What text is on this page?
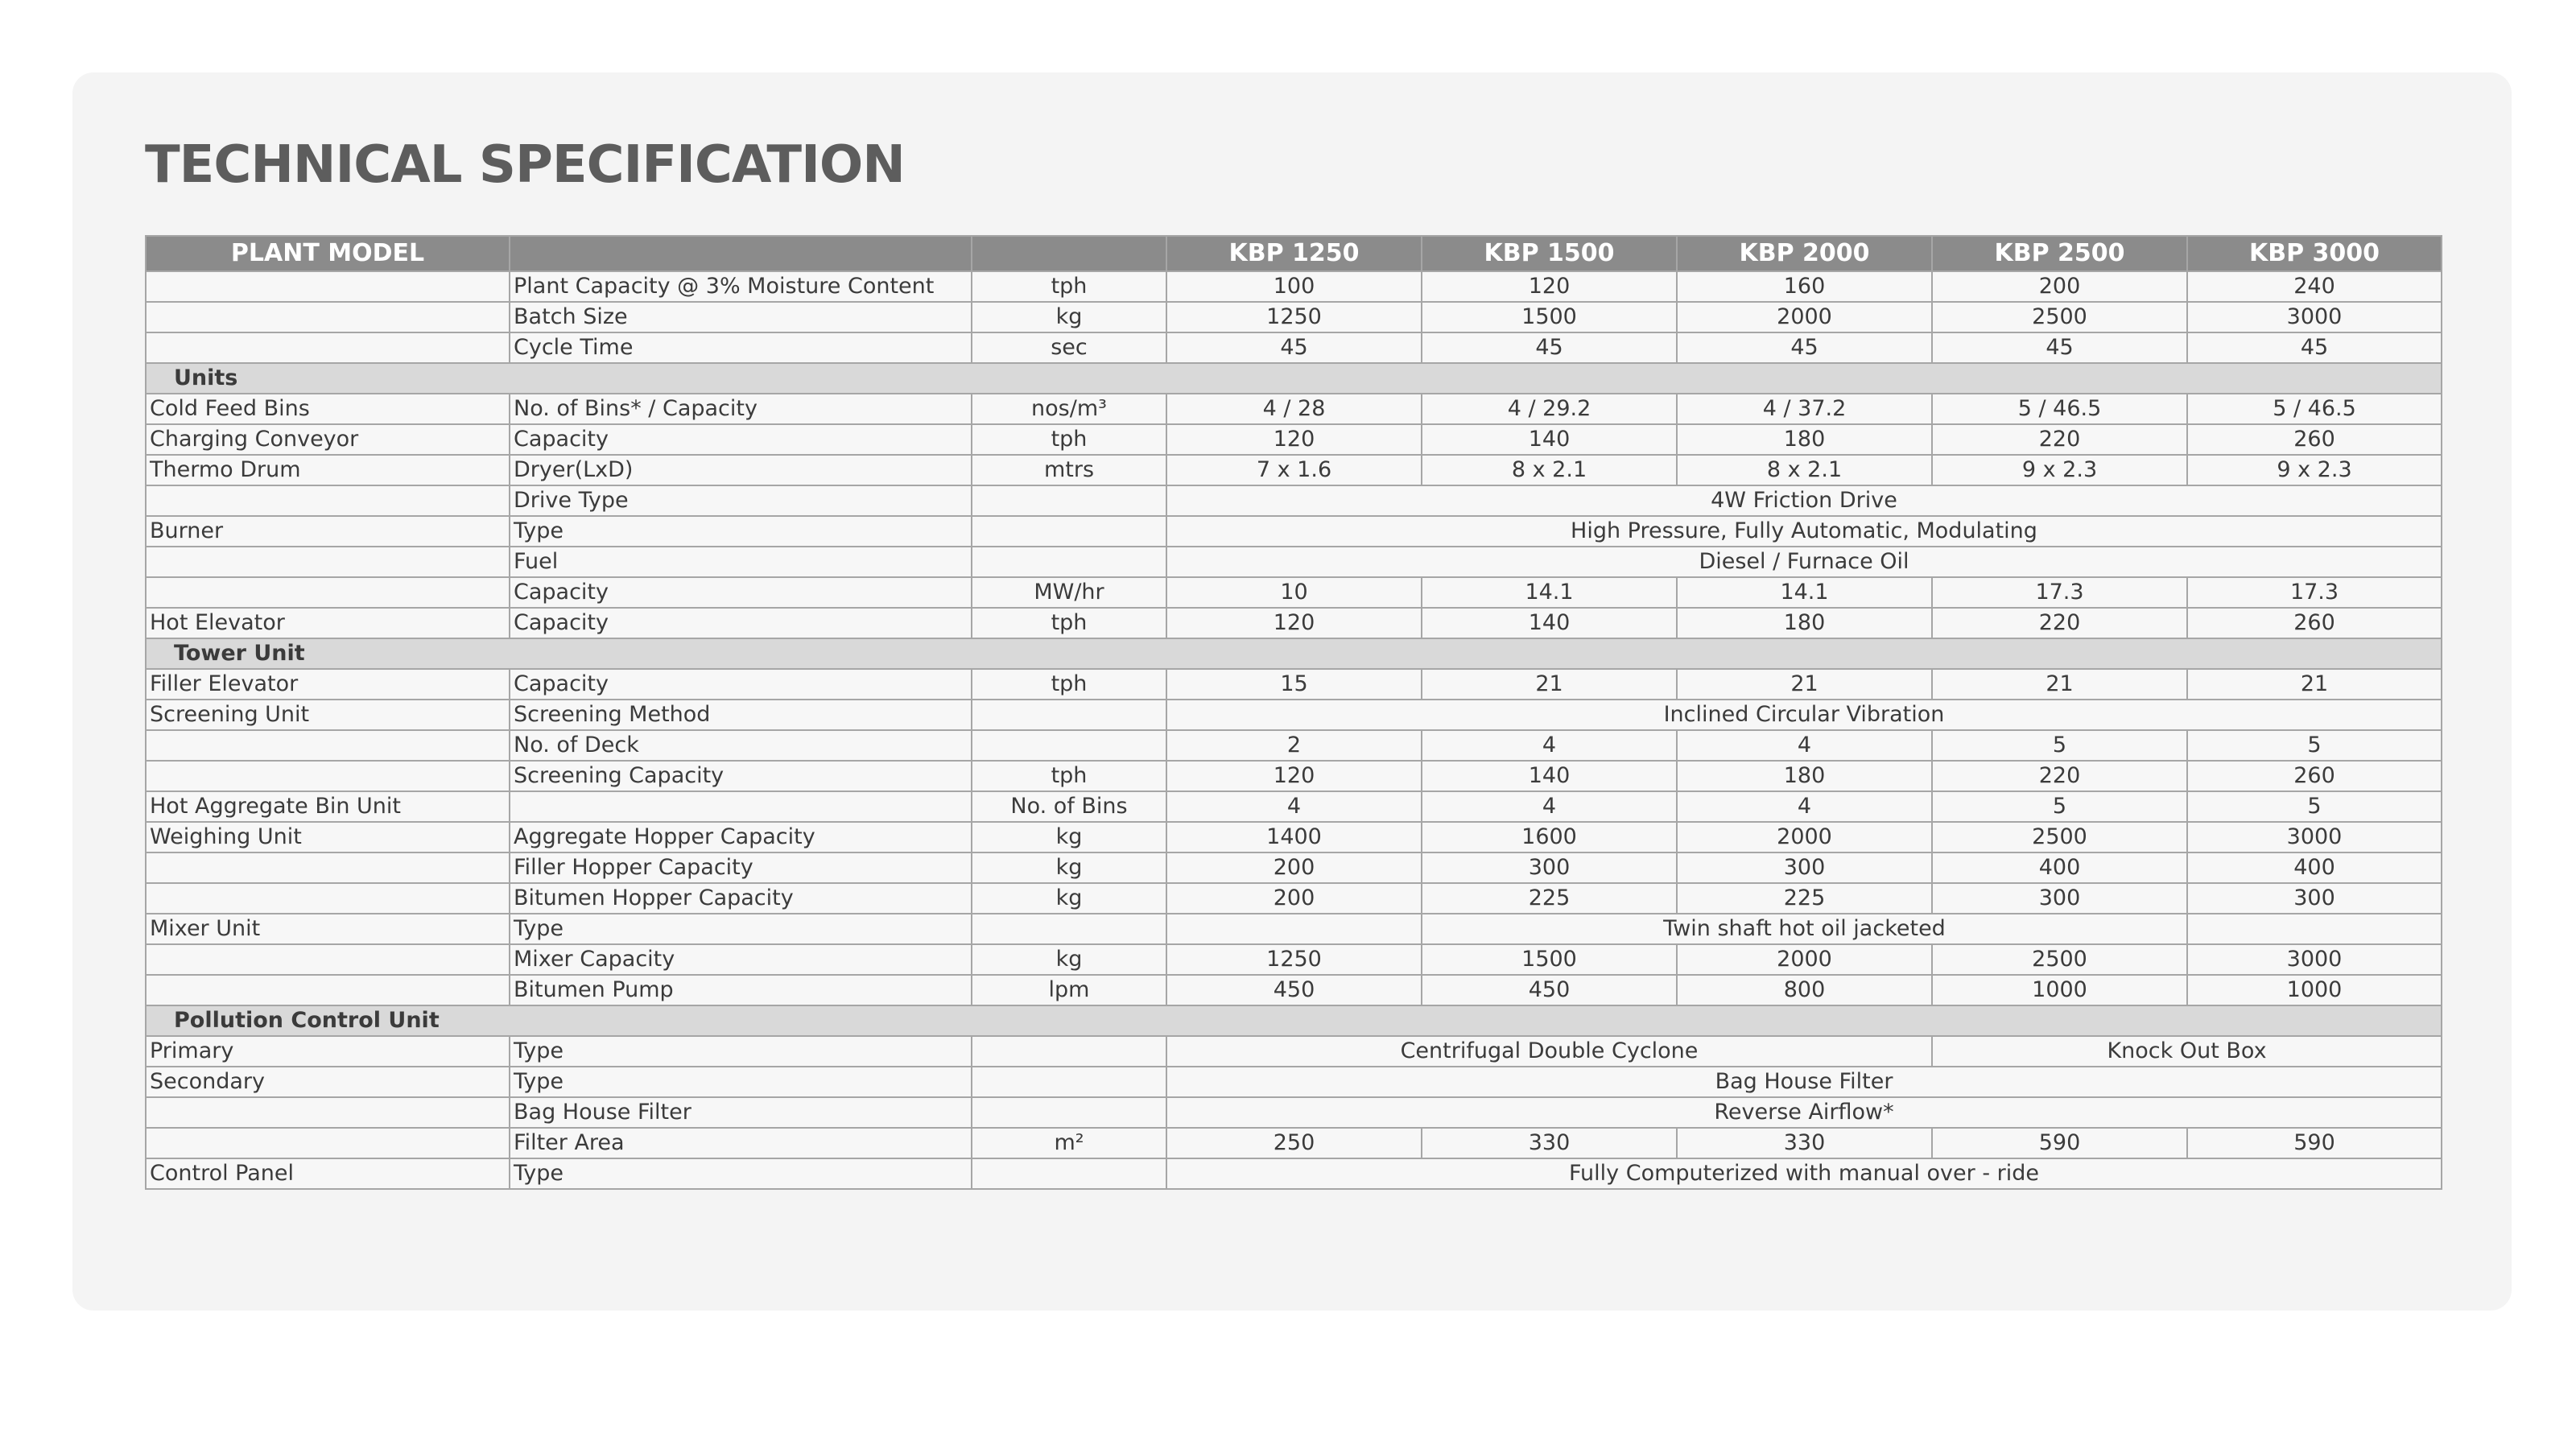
TECHNICAL SPECIFICATION
PLANT MODEL			KBP 1250	KBP 1500	KBP 2000	KBP 2500	KBP 3000
	Plant Capacity @ 3% Moisture Content	tph	100	120	160	200	240
	Batch Size	kg	1250	1500	2000	2500	3000
	Cycle Time	sec	45	45	45	45	45
Units							
Cold Feed Bins	No. of Bins* / Capacity	nos/m³	4 / 28	4 / 29.2	4 / 37.2	5 / 46.5	5 / 46.5
Charging Conveyor	Capacity	tph	120	140	180	220	260
Thermo Drum	Dryer(LxD)	mtrs	7 x 1.6	8 x 2.1	8 x 2.1	9 x 2.3	9 x 2.3
	Drive Type		4W Friction Drive				
Burner	Type		High Pressure, Fully Automatic, Modulating				
	Fuel		Diesel / Furnace Oil				
	Capacity	MW/hr	10	14.1	14.1	17.3	17.3
Hot Elevator	Capacity	tph	120	140	180	220	260
Tower Unit							
Filler Elevator	Capacity	tph	15	21	21	21	21
Screening Unit	Screening Method		Inclined Circular Vibration				
	No. of Deck		2	4	4	5	5
	Screening Capacity	tph	120	140	180	220	260
Hot Aggregate Bin Unit		No. of Bins	4	4	4	5	5
Weighing Unit	Aggregate Hopper Capacity	kg	1400	1600	2000	2500	3000
	Filler Hopper Capacity	kg	200	300	300	400	400
	Bitumen Hopper Capacity	kg	200	225	225	300	300
Mixer Unit	Type			Twin shaft hot oil jacketed			
	Mixer Capacity	kg	1250	1500	2000	2500	3000
	Bitumen Pump	lpm	450	450	800	1000	1000
Pollution Control Unit							
Primary	Type		Centrifugal Double Cyclone			Knock Out Box	
Secondary	Type		Bag House Filter				
	Bag House Filter		Reverse Airflow*				
	Filter Area	m²	250	330	330	590	590
Control Panel	Type		Fully Computerized with manual over - ride				
